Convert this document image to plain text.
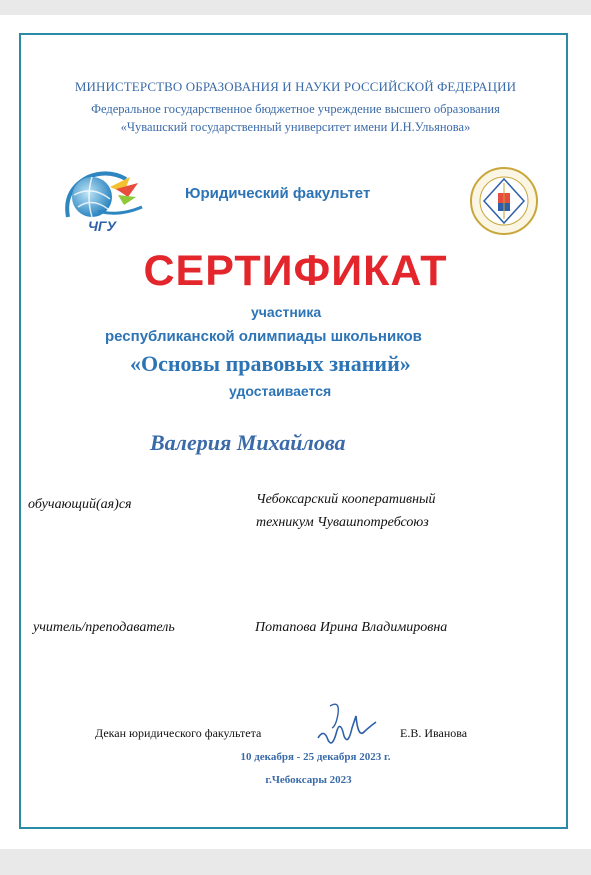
МИНИСТЕРСТВО ОБРАЗОВАНИЯ И НАУКИ РОССИЙСКОЙ ФЕДЕРАЦИИ
Федеральное государственное бюджетное учреждение высшего образования
«Чувашский государственный университет имени И.Н.Ульянова»
ЧГУ
Юридический факультет
СЕРТИФИКАТ
участника
республиканской олимпиады школьников
«Основы правовых знаний»
удостаивается
Валерия Михайлова
обучающий(ая)ся	Чебоксарский кооперативный
техникум Чувашпотребсоюз
учитель/преподаватель	Потапова Ирина Владимировна
Декан юридического факультета	Е.В. Иванова
10 декабря - 25 декабря 2023 г.
г.Чебоксары 2023
